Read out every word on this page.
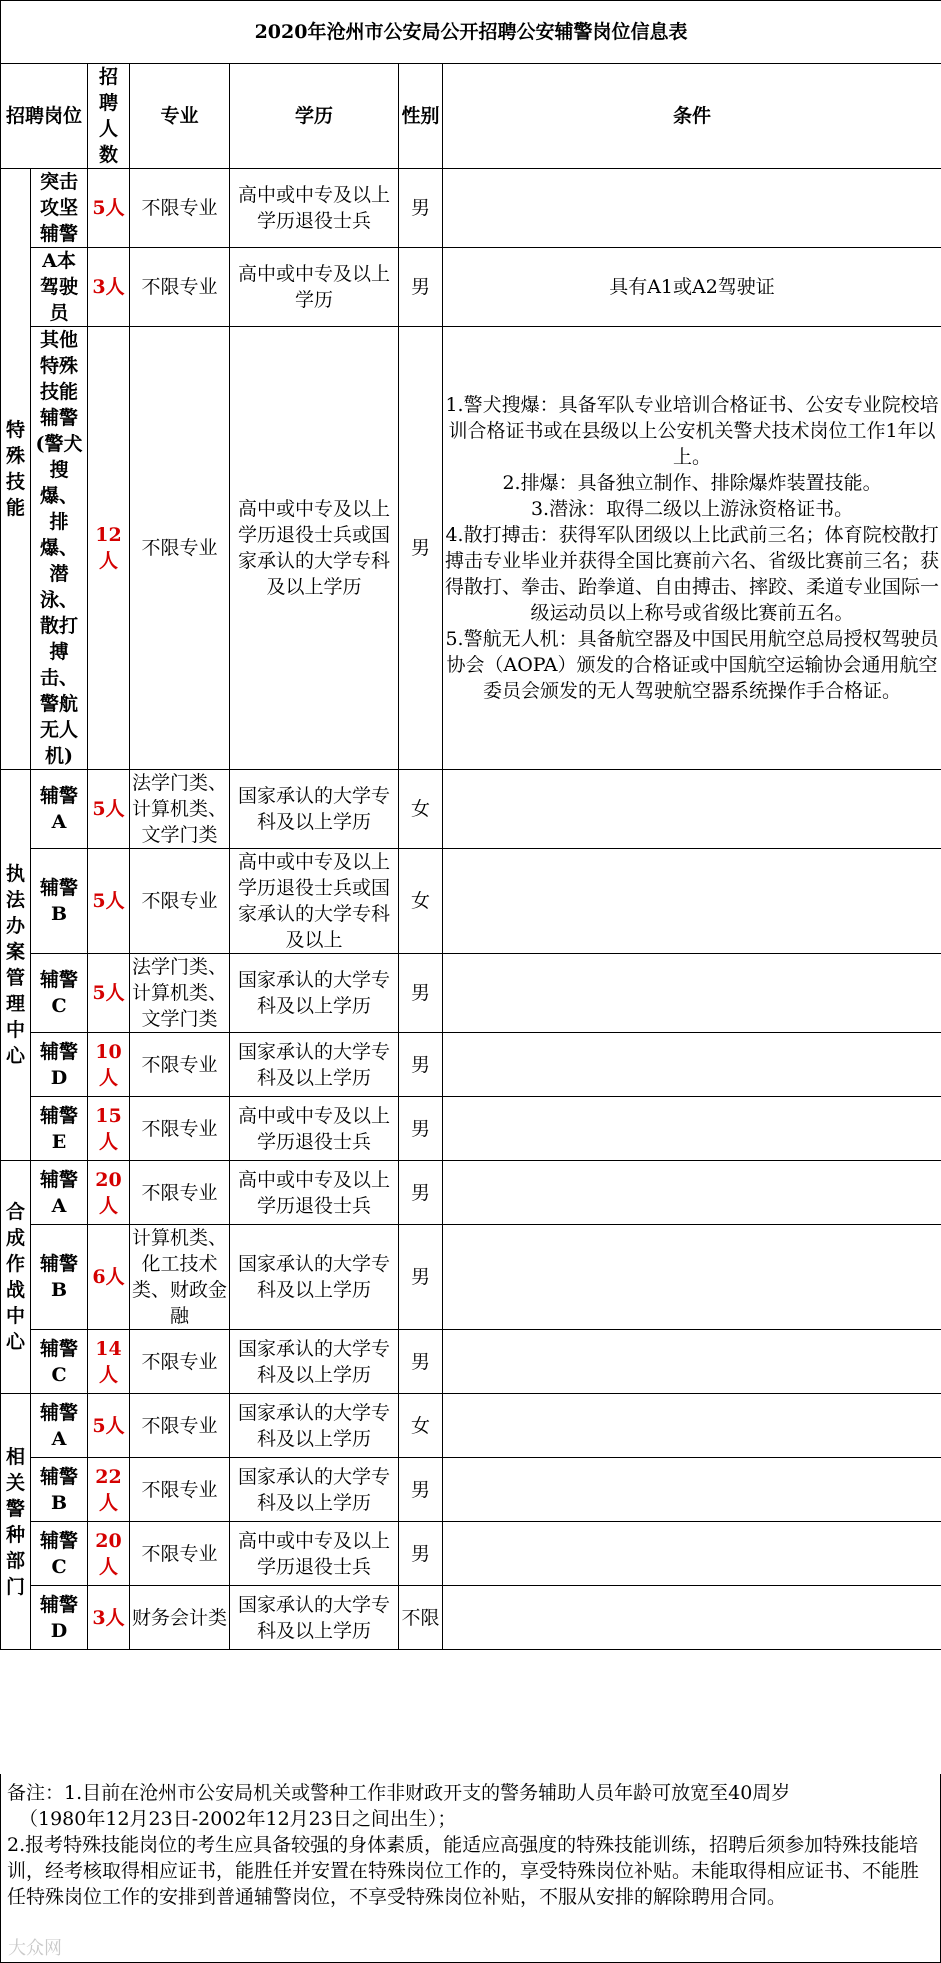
2020年沧州市公安局公开招聘公安辅警岗位信息表						
招聘岗位		招聘人数	专业	学历	性别	条件
特殊技能	突击攻坚辅警	5人	不限专业	高中或中专及以上学历退役士兵	男	
	A本驾驶员	3人	不限专业	高中或中专及以上学历	男	具有A1或A2驾驶证
	其他特殊技能辅警(警犬搜爆、排爆、潜泳、散打搏击、警航无人机)	12人	不限专业	高中或中专及以上学历退役士兵或国家承认的大学专科及以上学历	男	1.警犬搜爆：具备军队专业培训合格证书、公安专业院校培训合格证书或在县级以上公安机关警犬技术岗位工作1年以上。
2.排爆：具备独立制作、排除爆炸装置技能。
3.潜泳：取得二级以上游泳资格证书。
4.散打搏击：获得军队团级以上比武前三名；体育院校散打搏击专业毕业并获得全国比赛前六名、省级比赛前三名；获得散打、拳击、跆拳道、自由搏击、摔跤、柔道专业国际一级运动员以上称号或省级比赛前五名。
5.警航无人机：具备航空器及中国民用航空总局授权驾驶员协会（AOPA）颁发的合格证或中国航空运输协会通用航空委员会颁发的无人驾驶航空器系统操作手合格证。

执法办案管理中心	辅警A	5人	法学门类、计算机类、文学门类	国家承认的大学专科及以上学历	女	
	辅警B	5人	不限专业	高中或中专及以上学历退役士兵或国家承认的大学专科及以上	女	
	辅警C	5人	法学门类、计算机类、文学门类	国家承认的大学专科及以上学历	男	
	辅警D	10人	不限专业	国家承认的大学专科及以上学历	男	
	辅警E	15人	不限专业	高中或中专及以上学历退役士兵	男	
合成作战中心	辅警A	20人	不限专业	高中或中专及以上学历退役士兵	男	
	辅警B	6人	计算机类、化工技术类、财政金融	国家承认的大学专科及以上学历	男	
	辅警C	14人	不限专业	国家承认的大学专科及以上学历	男	
相关警种部门	辅警A	5人	不限专业	国家承认的大学专科及以上学历	女	
	辅警B	22人	不限专业	国家承认的大学专科及以上学历	男	
	辅警C	20人	不限专业	高中或中专及以上学历退役士兵	男	
	辅警D	3人	财务会计类	国家承认的大学专科及以上学历	不限	

备注：1.目前在沧州市公安局机关或警种工作非财政开支的警务辅助人员年龄可放宽至40周岁

（1980年12月23日-2002年12月23日之间出生）；

2.报考特殊技能岗位的考生应具备较强的身体素质，能适应高强度的特殊技能训练，招聘后须参加特殊技能培训，经考核取得相应证书，能胜任并安置在特殊岗位工作的，享受特殊岗位补贴。未能取得相应证书、不能胜任特殊岗位工作的安排到普通辅警岗位，不享受特殊岗位补贴，不服从安排的解除聘用合同。

大众网
